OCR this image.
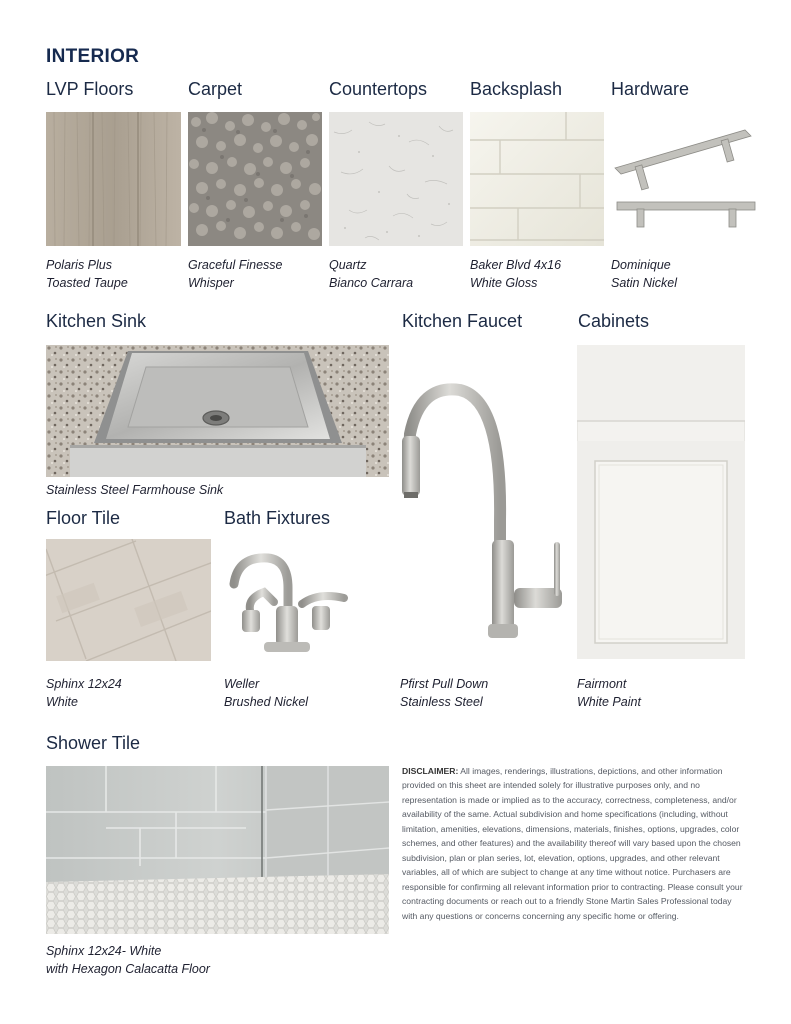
INTERIOR
LVP Floors	Carpet	Countertops Backsplash	Hardware
Polaris Plus
Toasted Taupe
Graceful Finesse
Whisper
Quartz
Bianco Carrara
Baker Blvd 4x16
White Gloss
Dominique
Satin Nickel
Kitchen Sink	Kitchen Faucet	Cabinets
Stainless Steel Farmhouse Sink
Floor Tile	Bath Fixtures
Sphinx 12x24
White
Weller
Brushed Nickel
Pfirst Pull Down
Stainless Steel
Fairmont
White Paint
Shower Tile
Sphinx 12x24- White
with Hexagon Calacatta Floor
DISCLAIMER: All images, renderings, illustrations, depictions, and other information provided on this sheet are intended solely for illustrative purposes only, and no representation is made or implied as to the accuracy, correctness, completeness, and/or availability of the same. Actual subdivision and home specifications (including, without limitation, amenities, elevations, dimensions, materials, finishes, options, upgrades, color schemes, and other features) and the availability thereof will vary based upon the chosen subdivision, plan or plan series, lot, elevation, options, upgrades, and other relevant variables, all of which are subject to change at any time without notice. Purchasers are responsible for confirming all relevant information prior to contracting. Please consult your contracting documents or reach out to a friendly Stone Martin Sales Professional today with any questions or concerns concerning any specific home or offering.
